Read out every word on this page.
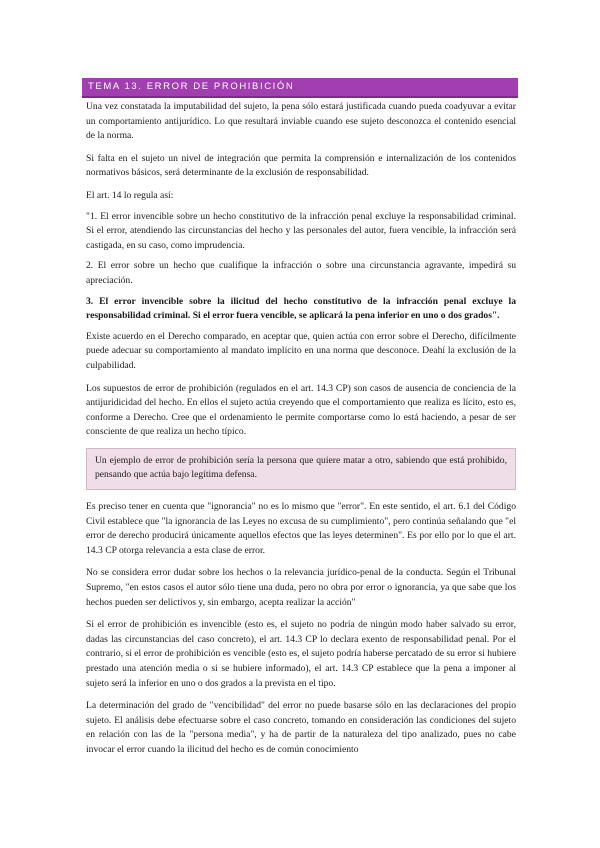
TEMA 13. ERROR DE PROHIBICIÓN

Una vez constatada la imputabilidad del sujeto, la pena sólo estará justificada cuando pueda coadyuvar a evitar un comportamiento antijurídico. Lo que resultará inviable cuando ese sujeto desconozca el contenido esencial de la norma.

Si falta en el sujeto un nivel de integración que permita la comprensión e internalización de los contenidos normativos básicos, será determinante de la exclusión de responsabilidad.

El art. 14 lo regula así:

"1. El error invencible sobre un hecho constitutivo de la infracción penal excluye la responsabilidad criminal. Si el error, atendiendo las circunstancias del hecho y las personales del autor, fuera vencible, la infracción será castigada, en su caso, como imprudencia.

2. El error sobre un hecho que cualifique la infracción o sobre una circunstancia agravante, impedirá su apreciación.

3. El error invencible sobre la ilicitud del hecho constitutivo de la infracción penal excluye la responsabilidad criminal. Si el error fuera vencible, se aplicará la pena inferior en uno o dos grados".

Existe acuerdo en el Derecho comparado, en aceptar que, quien actúa con error sobre el Derecho, difícilmente puede adecuar su comportamiento al mandato implícito en una norma que desconoce. Deahí la exclusión de la culpabilidad.

Los supuestos de error de prohibición (regulados en el art. 14.3 CP) son casos de ausencia de conciencia de la antijuridicidad del hecho. En ellos el sujeto actúa creyendo que el comportamiento que realiza es lícito, esto es, conforme a Derecho. Cree que el ordenamiento le permite comportarse como lo está haciendo, a pesar de ser consciente de que realiza un hecho típico.

Un ejemplo de error de prohibición sería la persona que quiere matar a otro, sabiendo que está prohibido, pensando que actúa bajo legítima defensa.

Es preciso tener en cuenta que "ignorancia" no es lo mismo que "error". En este sentido, el art. 6.1 del Código Civil establece que "la ignorancia de las Leyes no excusa de su cumplimiento", pero continúa señalando que "el error de derecho producirá únicamente aquellos efectos que las leyes determinen". Es por ello por lo que el art. 14.3 CP otorga relevancia a esta clase de error.

No se considera error dudar sobre los hechos o la relevancia jurídico-penal de la conducta. Según el Tribunal Supremo, "en estos casos el autor sólo tiene una duda, pero no obra por error o ignorancia, ya que sabe que los hechos pueden ser delictivos y, sin embargo, acepta realizar la acción"

Si el error de prohibición es invencible (esto es, el sujeto no podría de ningún modo haber salvado su error, dadas las circunstancias del caso concreto), el art. 14.3 CP lo declara exento de responsabilidad penal. Por el contrario, si el error de prohibición es vencible (esto es, el sujeto podría haberse percatado de su error si hubiere prestado una atención media o si se hubiere informado), el art. 14.3 CP establece que la pena a imponer al sujeto será la inferior en uno o dos grados a la prevista en el tipo.

La determinación del grado de "vencibilidad" del error no puede basarse sólo en las declaraciones del propio sujeto. El análisis debe efectuarse sobre el caso concreto, tomando en consideración las condiciones del sujeto en relación con las de la "persona media", y ha de partir de la naturaleza del tipo analizado, pues no cabe invocar el error cuando la ilicitud del hecho es de común conocimiento
